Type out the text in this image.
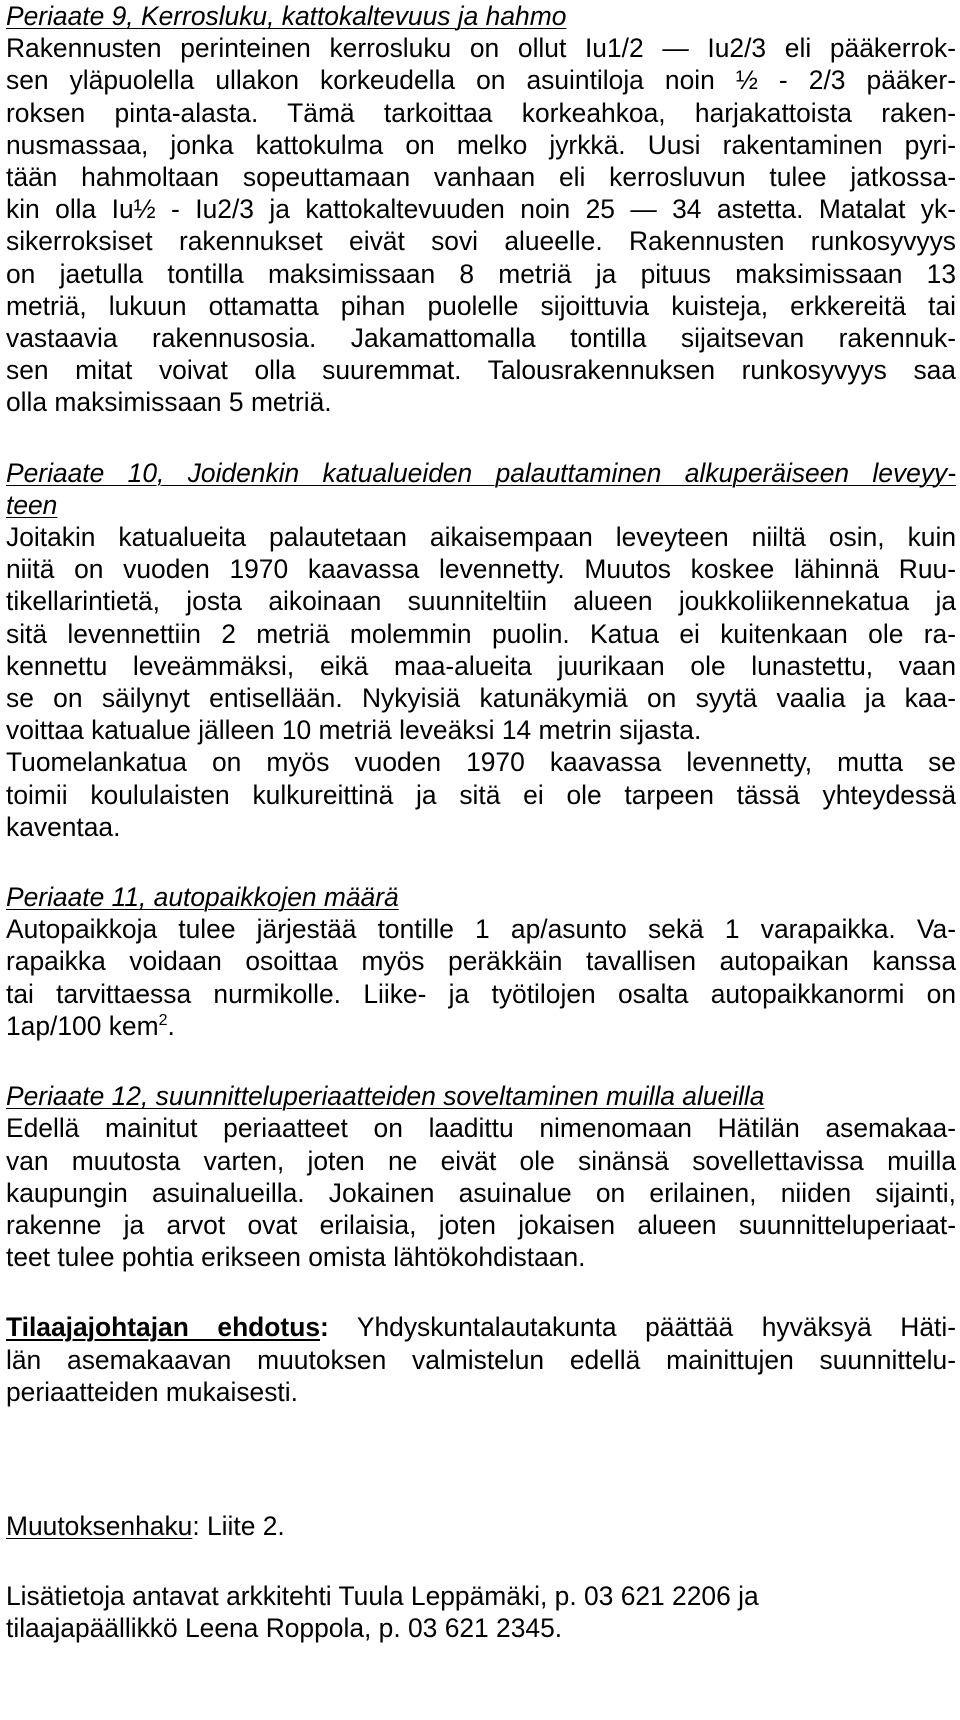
Periaate 9, Kerrosluku, kattokaltevuus ja hahmo
Rakennusten perinteinen kerrosluku on ollut Iu1/2 — Iu2/3 eli pääkerrok-
sen yläpuolella ullakon korkeudella on asuintiloja noin ½ - 2/3 pääker-
roksen pinta-alasta. Tämä tarkoittaa korkeahkoa, harjakattoista raken-
nusmassaa, jonka kattokulma on melko jyrkkä. Uusi rakentaminen pyri-
tään hahmoltaan sopeuttamaan vanhaan eli kerrosluvun tulee jatkossa-
kin olla Iu½ - Iu2/3 ja kattokaltevuuden noin 25 — 34 astetta. Matalat yk-
sikerroksiset rakennukset eivät sovi alueelle. Rakennusten runkosyvyys
on jaetulla tontilla maksimissaan 8 metriä ja pituus maksimissaan 13
metriä, lukuun ottamatta pihan puolelle sijoittuvia kuisteja, erkkereitä tai
vastaavia rakennusosia. Jakamattomalla tontilla sijaitsevan rakennuk-
sen mitat voivat olla suuremmat. Talousrakennuksen runkosyvyys saa
olla maksimissaan 5 metriä.
Periaate 10, Joidenkin katualueiden palauttaminen alkuperäiseen leveyy-
teen
Joitakin katualueita palautetaan aikaisempaan leveyteen niiltä osin, kuin
niitä on vuoden 1970 kaavassa levennetty. Muutos koskee lähinnä Ruu-
tikellarintietä, josta aikoinaan suunniteltiin alueen joukkoliikennekatua ja
sitä levennettiin 2 metriä molemmin puolin. Katua ei kuitenkaan ole ra-
kennettu leveämmäksi, eikä maa-alueita juurikaan ole lunastettu, vaan
se on säilynyt entisellään. Nykyisiä katunäkymiä on syytä vaalia ja kaa-
voittaa katualue jälleen 10 metriä leveäksi 14 metrin sijasta.
Tuomelankatua on myös vuoden 1970 kaavassa levennetty, mutta se
toimii koululaisten kulkureittinä ja sitä ei ole tarpeen tässä yhteydessä
kaventaa.
Periaate 11, autopaikkojen määrä
Autopaikkoja tulee järjestää tontille 1 ap/asunto sekä 1 varapaikka. Va-
rapaikka voidaan osoittaa myös peräkkäin tavallisen autopaikan kanssa
tai tarvittaessa nurmikolle. Liike- ja työtilojen osalta autopaikkanormi on
1ap/100 kem$^2$.
Periaate 12, suunnitteluperiaatteiden soveltaminen muilla alueilla
Edellä mainitut periaatteet on laadittu nimenomaan Hätilän asemakaa-
van muutosta varten, joten ne eivät ole sinänsä sovellettavissa muilla
kaupungin asuinalueilla. Jokainen asuinalue on erilainen, niiden sijainti,
rakenne ja arvot ovat erilaisia, joten jokaisen alueen suunnitteluperiaat-
teet tulee pohtia erikseen omista lähtökohdistaan.
Tilaajajohtajan ehdotus: Yhdyskuntalautakunta päättää hyväksyä Häti-
län asemakaavan muutoksen valmistelun edellä mainittujen suunnittelu-
periaatteiden mukaisesti.
Muutoksenhaku: Liite 2.
Lisätietoja antavat arkkitehti Tuula Leppämäki, p. 03 621 2206 ja
tilaajapäällikkö Leena Roppola, p. 03 621 2345.
